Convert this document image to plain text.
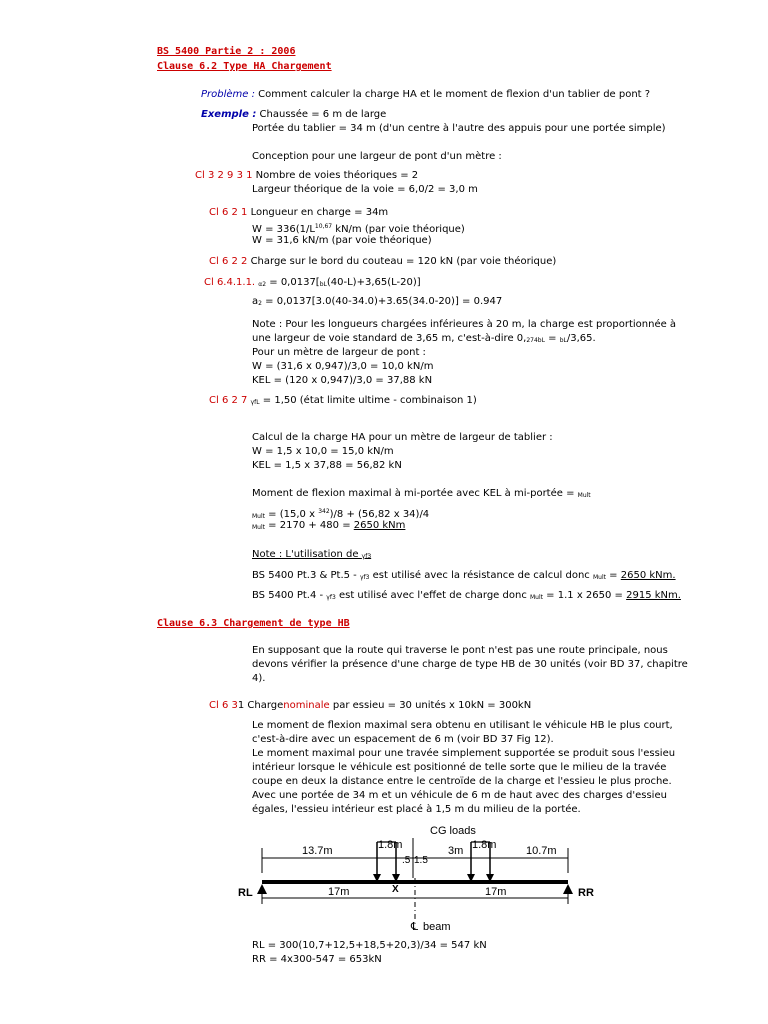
BS 5400 Partie 2 : 2006
Clause 6.2 Type HA Chargement
Problème : Comment calculer la charge HA et le moment de flexion d'un tablier de pont ?
Exemple : Chaussée = 6 m de large
Portée du tablier = 34 m (d'un centre à l'autre des appuis pour une portée simple)
Conception pour une largeur de pont d'un mètre :
Cl 3 2 9 3 1 Nombre de voies théoriques = 2
Largeur théorique de la voie = 6,0/2 = 3,0 m
Cl 6 2 1 Longueur en charge = 34m
$W = 336(1/L^{10,67}$ kN/m (par voie théorique)
W = 31,6 kN/m (par voie théorique)
Cl 6 2 2 Charge sur le bord du couteau = 120 kN (par voie théorique)
Cl 6.4.1.1. α2 = 0,0137[bL(40-L)+3,65(L-20)]
a2 = 0,0137[3.0(40-34.0)+3.65(34.0-20)] = 0.947
Note : Pour les longueurs chargées inférieures à 20 m, la charge est proportionnée à
une largeur de voie standard de 3,65 m, c'est-à-dire 0,274bL = bL/3,65.
Pour un mètre de largeur de pont :
W = (31,6 x 0,947)/3,0 = 10,0 kN/m
KEL = (120 x 0,947)/3,0 = 37,88 kN
Cl 6 2 7 γfL = 1,50 (état limite ultime - combinaison 1)
Calcul de la charge HA pour un mètre de largeur de tablier :
W = 1,5 x 10,0 = 15,0 kN/m
KEL = 1,5 x 37,88 = 56,82 kN
Moment de flexion maximal à mi-portée avec KEL à mi-portée = Mult
Mult = (15,0 x $^{342}$)/8 + (56,82 x 34)/4
Mult = 2170 + 480 = 2650 kNm
Note : L'utilisation de γf3
BS 5400 Pt.3 & Pt.5 - γf3 est utilisé avec la résistance de calcul donc Mult = 2650 kNm.
BS 5400 Pt.4 - γf3 est utilisé avec l'effet de charge donc Mult = 1.1 x 2650 = 2915 kNm.
Clause 6.3 Chargement de type HB
En supposant que la route qui traverse le pont n'est pas une route principale, nous
devons vérifier la présence d'une charge de type HB de 30 unités (voir BD 37, chapitre
4).
Cl 6 31 Chargenominale par essieu = 30 unités x 10kN = 300kN
Le moment de flexion maximal sera obtenu en utilisant le véhicule HB le plus court,
c'est-à-dire avec un espacement de 6 m (voir BD 37 Fig 12).
Le moment maximal pour une travée simplement supportée se produit sous l'essieu
intérieur lorsque le véhicule est positionné de telle sorte que le milieu de la travée
coupe en deux la distance entre le centroïde de la charge et l'essieu le plus proche.
Avec une portée de 34 m et un véhicule de 6 m de haut avec des charges d'essieu
égales, l'essieu intérieur est placé à 1,5 m du milieu de la portée.
CG loads
13.7m	1.8m
.5 1.5
3m 1.8m	10.7m
RL	RR
X
17m	17m
℄ beam
RL = 300(10,7+12,5+18,5+20,3)/34 = 547 kN
RR = 4x300-547 = 653kN
